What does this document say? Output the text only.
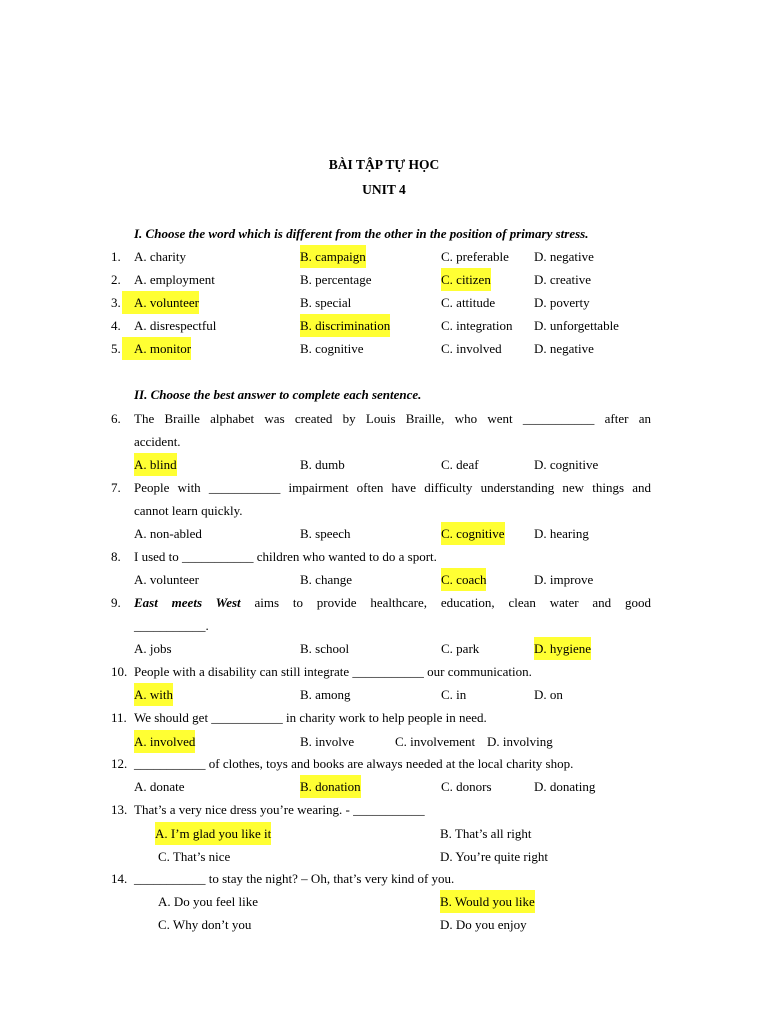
BÀI TẬP TỰ HỌC
UNIT 4
I. Choose the word which is different from the other in the position of primary stress.
1.	A. charity	B. campaign	C. preferable D. negative
2.	A. employment	B. percentage	C. citizen	D. creative
3.	A. volunteer	B. special	C. attitude	D. poverty
4.	A. disrespectful	B. discrimination	C. integration D. unforgettable
5.	A. monitor	B. cognitive	C. involved D. negative
II. Choose the best answer to complete each sentence.
6.	The Braille alphabet was created by Louis Braille, who went ___________ after an
accident.
A. blind	B. dumb	C. deaf	D. cognitive
7.	People with ___________ impairment often have difficulty understanding new things and
cannot learn quickly.
A. non-abled	B. speech	C. cognitive D. hearing
8.	I used to ___________ children who wanted to do a sport.
A. volunteer	B. change	C. coach	D. improve
9.	East meets West aims to provide healthcare, education, clean water and good
___________.
A. jobs	B. school	C. park	D. hygiene
10. People with a disability can still integrate ___________ our communication.
A. with	B. among	C. in	D. on
11. We should get ___________ in charity work to help people in need.
A. involved	B. involve	C. involvement D. involving
12. ___________ of clothes, toys and books are always needed at the local charity shop.
A. donate	B. donation	C. donors	D. donating
13. That’s a very nice dress you’re wearing. - ___________
A. I’m glad you like it	B. That’s all right
C. That’s nice	D. You’re quite right
14. ___________ to stay the night? – Oh, that’s very kind of you.
A. Do you feel like	B. Would you like
C. Why don’t you	D. Do you enjoy
